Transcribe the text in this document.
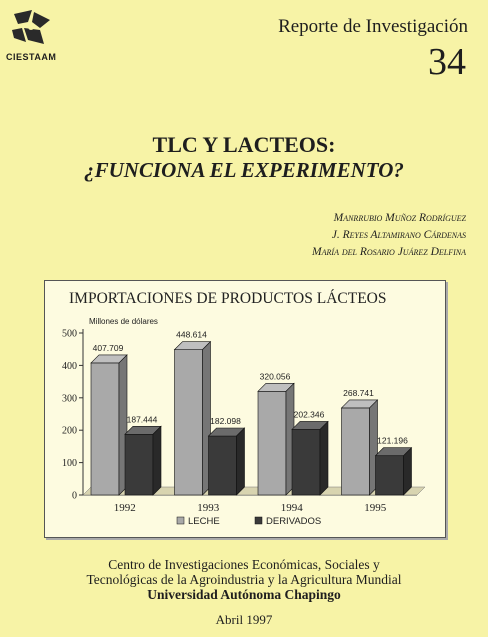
CIESTAAM
Reporte de Investigación
34
TLC Y LACTEOS:
¿FUNCIONA EL EXPERIMENTO?
Manrrubio Muñoz Rodríguez
J. Reyes Altamirano Cárdenas
María del Rosario Juárez Delfina
IMPORTACIONES DE PRODUCTOS LÁCTEOS
Millones de dólares
0
100
200
300
400
500
407.709
187.444
1992
448.614
182.098
1993
320.056
202.346
1994
268.741
121.196
1995
LECHE	DERIVADOS
Centro de Investigaciones Económicas, Sociales y
Tecnológicas de la Agroindustria y la Agricultura Mundial
Universidad Autónoma Chapingo
Abril 1997
